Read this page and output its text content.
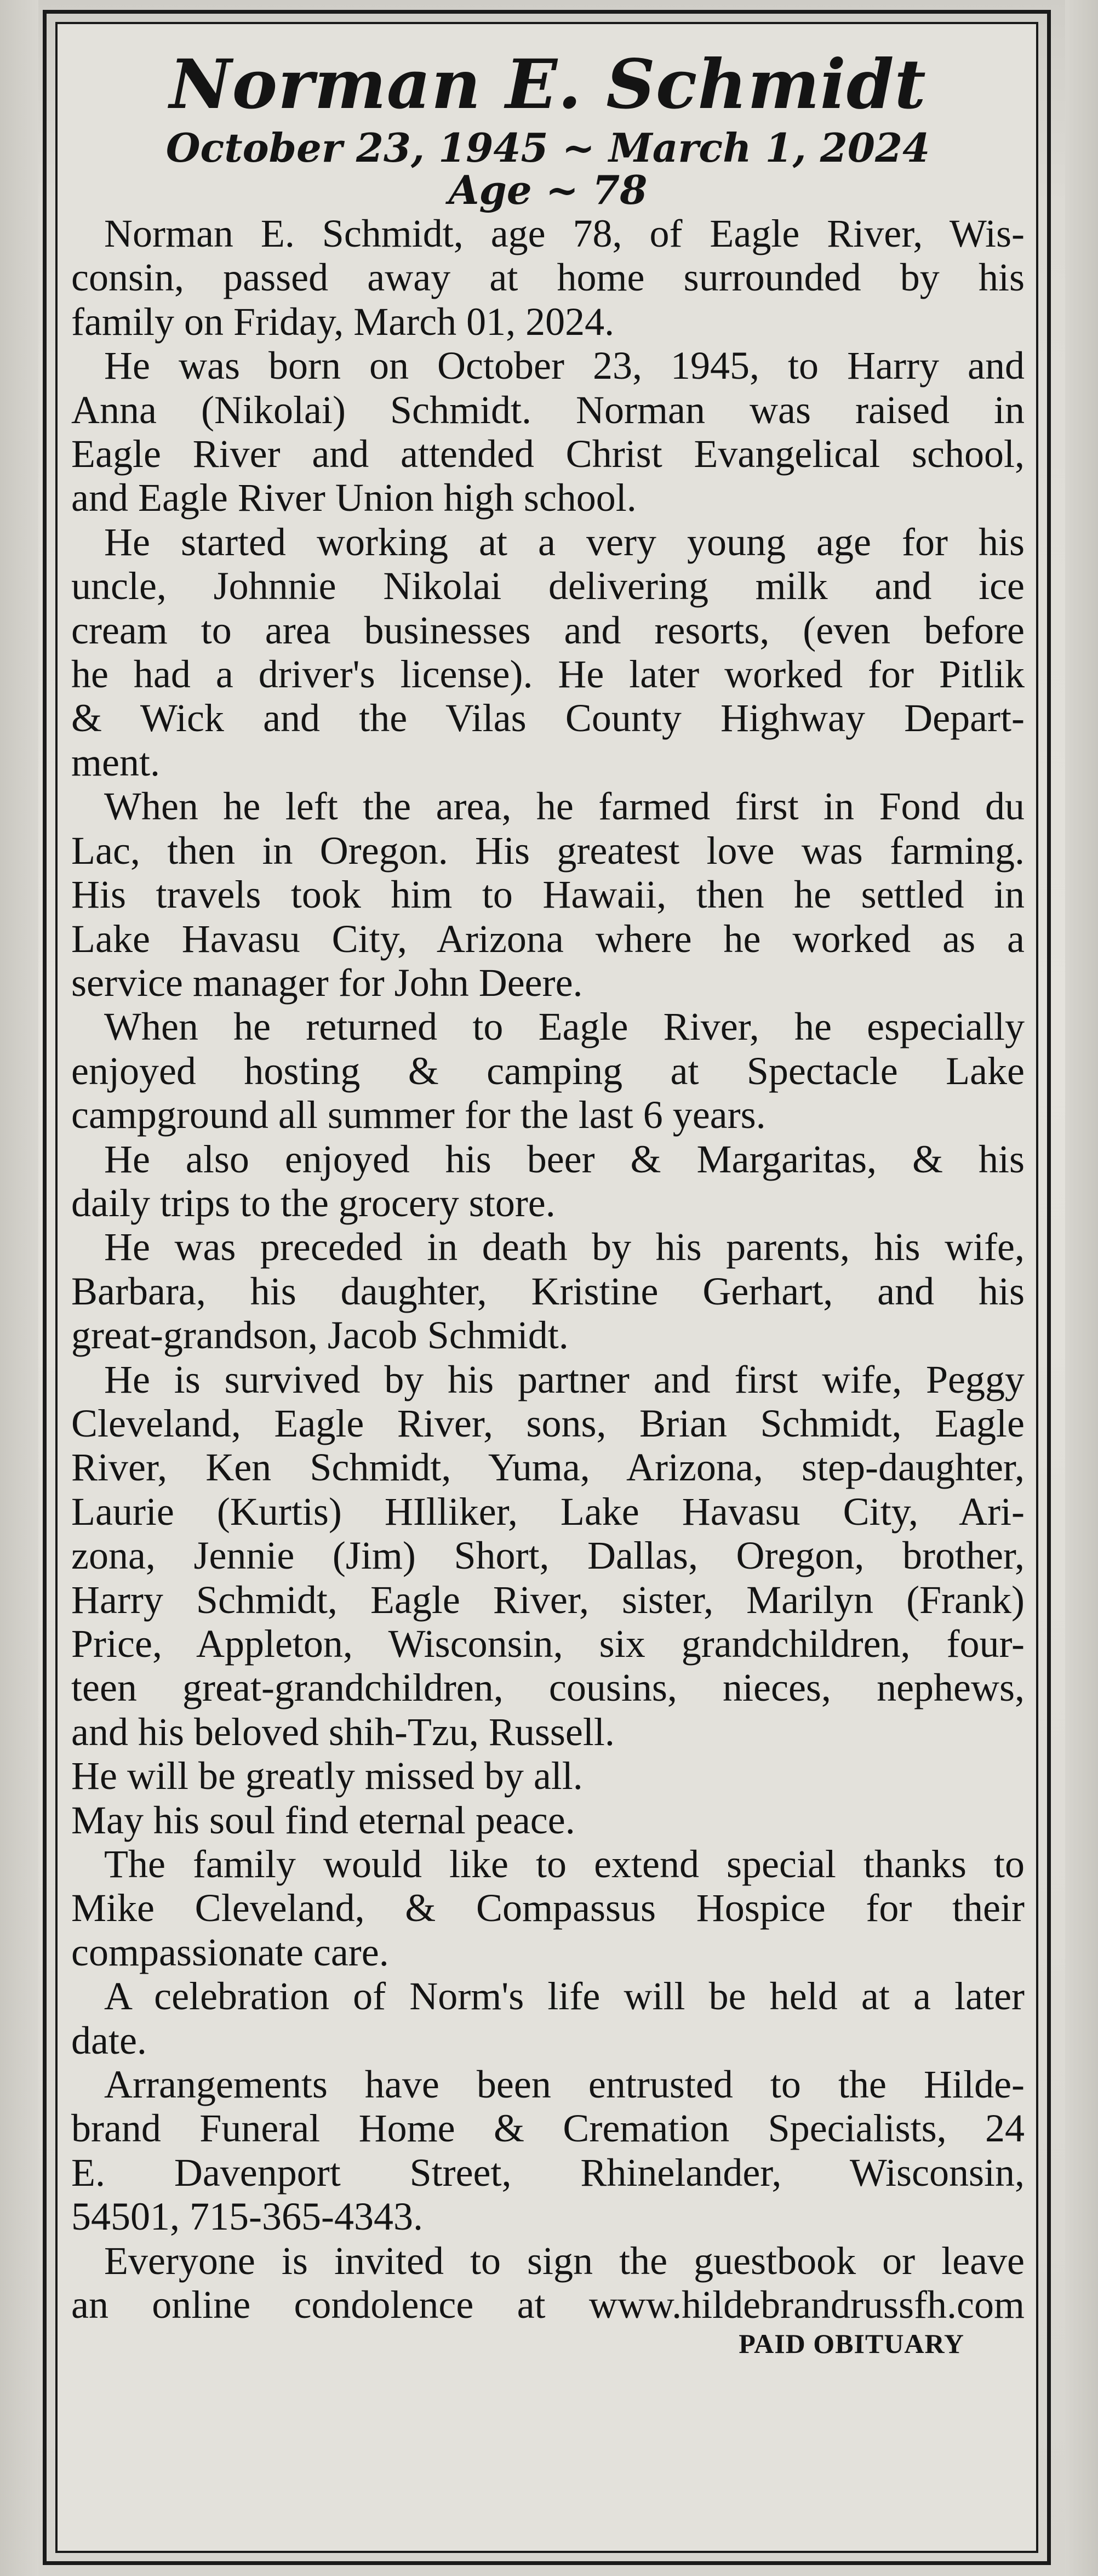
Norman E. Schmidt
October 23, 1945 ~ March 1, 2024
Age ~ 78
Norman E. Schmidt, age 78, of Eagle River, Wis-
consin, passed away at home surrounded by his
family on Friday, March 01, 2024.
He was born on October 23, 1945, to Harry and
Anna (Nikolai) Schmidt. Norman was raised in
Eagle River and attended Christ Evangelical school,
and Eagle River Union high school.
He started working at a very young age for his
uncle, Johnnie Nikolai delivering milk and ice
cream to area businesses and resorts, (even before
he had a driver's license). He later worked for Pitlik
& Wick and the Vilas County Highway Depart-
ment.
When he left the area, he farmed first in Fond du
Lac, then in Oregon. His greatest love was farming.
His travels took him to Hawaii, then he settled in
Lake Havasu City, Arizona where he worked as a
service manager for John Deere.
When he returned to Eagle River, he especially
enjoyed hosting & camping at Spectacle Lake
campground all summer for the last 6 years.
He also enjoyed his beer & Margaritas, & his
daily trips to the grocery store.
He was preceded in death by his parents, his wife,
Barbara, his daughter, Kristine Gerhart, and his
great-grandson, Jacob Schmidt.
He is survived by his partner and first wife, Peggy
Cleveland, Eagle River, sons, Brian Schmidt, Eagle
River, Ken Schmidt, Yuma, Arizona, step-daughter,
Laurie (Kurtis) HIlliker, Lake Havasu City, Ari-
zona, Jennie (Jim) Short, Dallas, Oregon, brother,
Harry Schmidt, Eagle River, sister, Marilyn (Frank)
Price, Appleton, Wisconsin, six grandchildren, four-
teen great-grandchildren, cousins, nieces, nephews,
and his beloved shih-Tzu, Russell.
He will be greatly missed by all.
May his soul find eternal peace.
The family would like to extend special thanks to
Mike Cleveland, & Compassus Hospice for their
compassionate care.
A celebration of Norm's life will be held at a later
date.
Arrangements have been entrusted to the Hilde-
brand Funeral Home & Cremation Specialists, 24
E. Davenport Street, Rhinelander, Wisconsin,
54501, 715-365-4343.
Everyone is invited to sign the guestbook or leave
an online condolence at www.hildebrandrussfh.com
PAID OBITUARY
